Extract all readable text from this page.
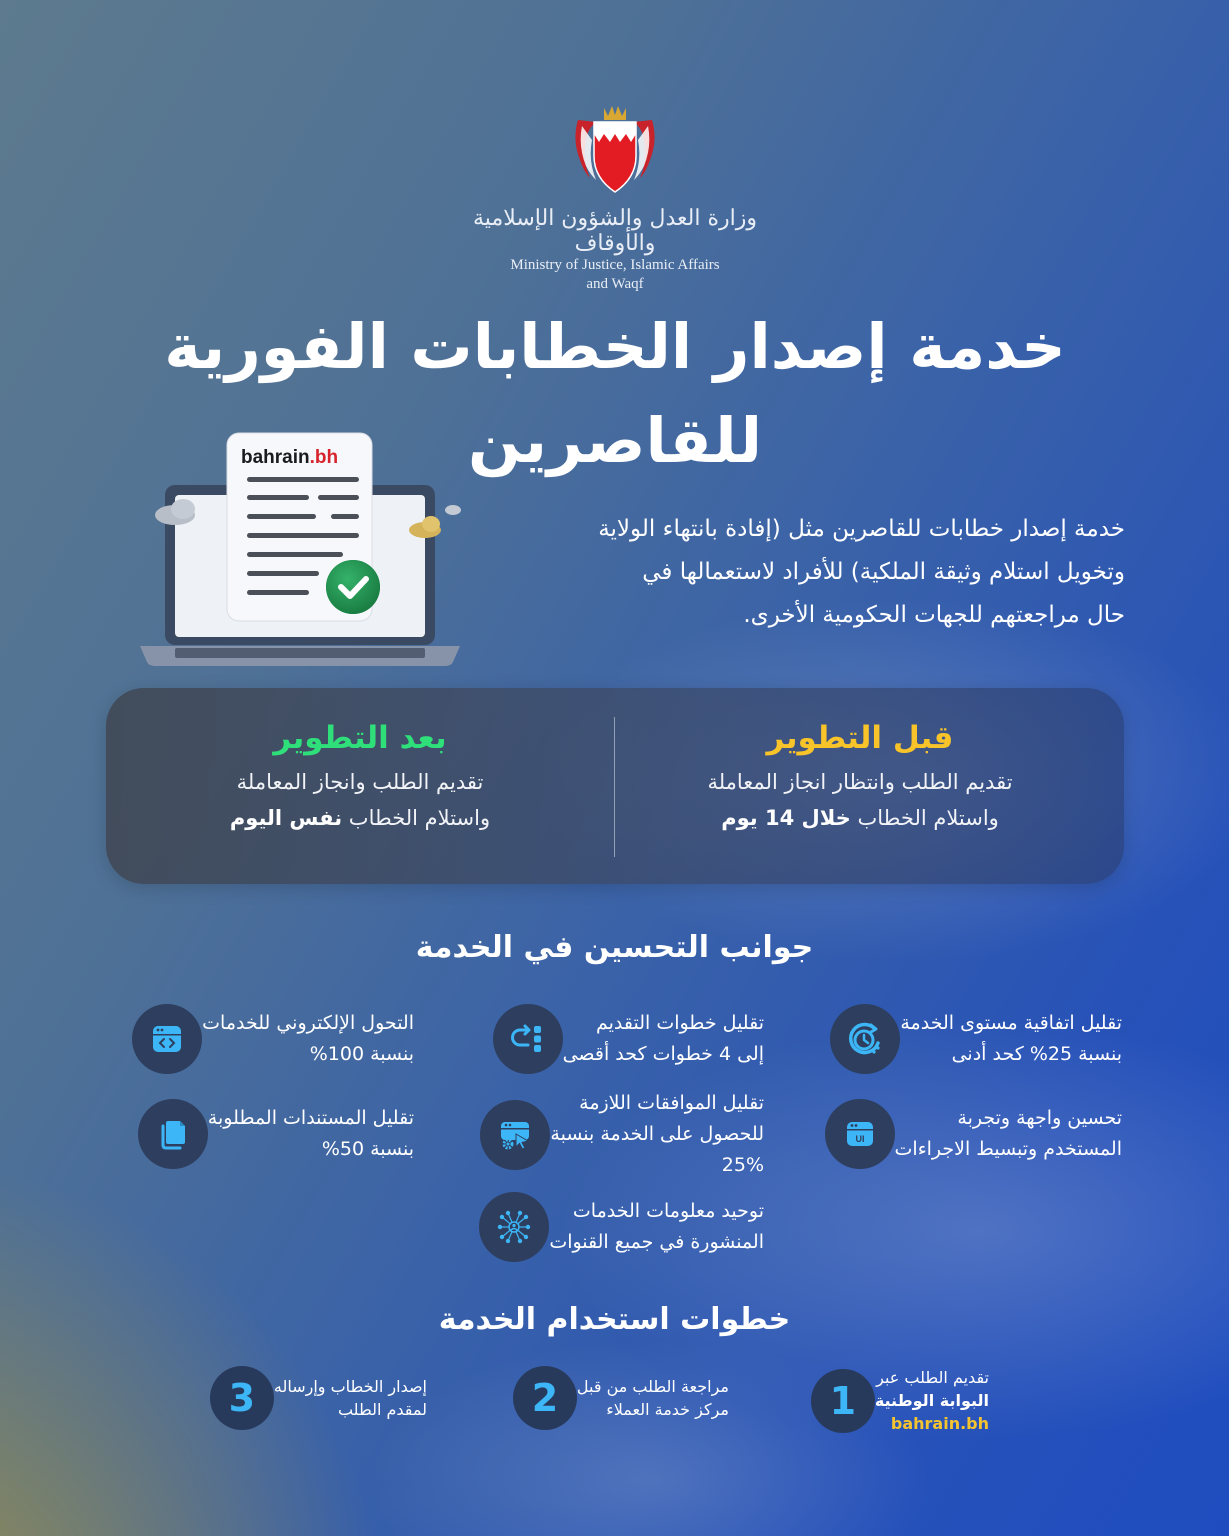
وزارة العدل والشؤون الإسلامية والأوقاف
Ministry of Justice, Islamic Affairs
and Waqf
خدمة إصدار الخطابات الفورية
للقاصرين
bahrain.bh
خدمة إصدار خطابات للقاصرين مثل (إفادة بانتهاء الولاية
وتخويل استلام وثيقة الملكية) للأفراد لاستعمالها في
حال مراجعتهم للجهات الحكومية الأخرى.
قبل التطوير
تقديم الطلب وانتظار انجاز المعاملة
واستلام الخطاب خلال 14 يوم
بعد التطوير
تقديم الطلب وانجاز المعاملة
واستلام الخطاب نفس اليوم
جوانب التحسين في الخدمة
تقليل اتفاقية مستوى الخدمة
بنسبة 25% كحد أدنى
تقليل خطوات التقديم
إلى 4 خطوات كحد أقصى
التحول الإلكتروني للخدمات
بنسبة 100%
UI
تحسين واجهة وتجربة
المستخدم وتبسيط الاجراءات
تقليل الموافقات اللازمة
للحصول على الخدمة بنسبة
25%
تقليل المستندات المطلوبة
بنسبة 50%
توحيد معلومات الخدمات
المنشورة في جميع القنوات
خطوات استخدام الخدمة
1
تقديم الطلب عبر
البوابة الوطنية
bahrain.bh
2	مراجعة الطلب من قبل
مركز خدمة العملاء
3	إصدار الخطاب وإرساله
لمقدم الطلب
